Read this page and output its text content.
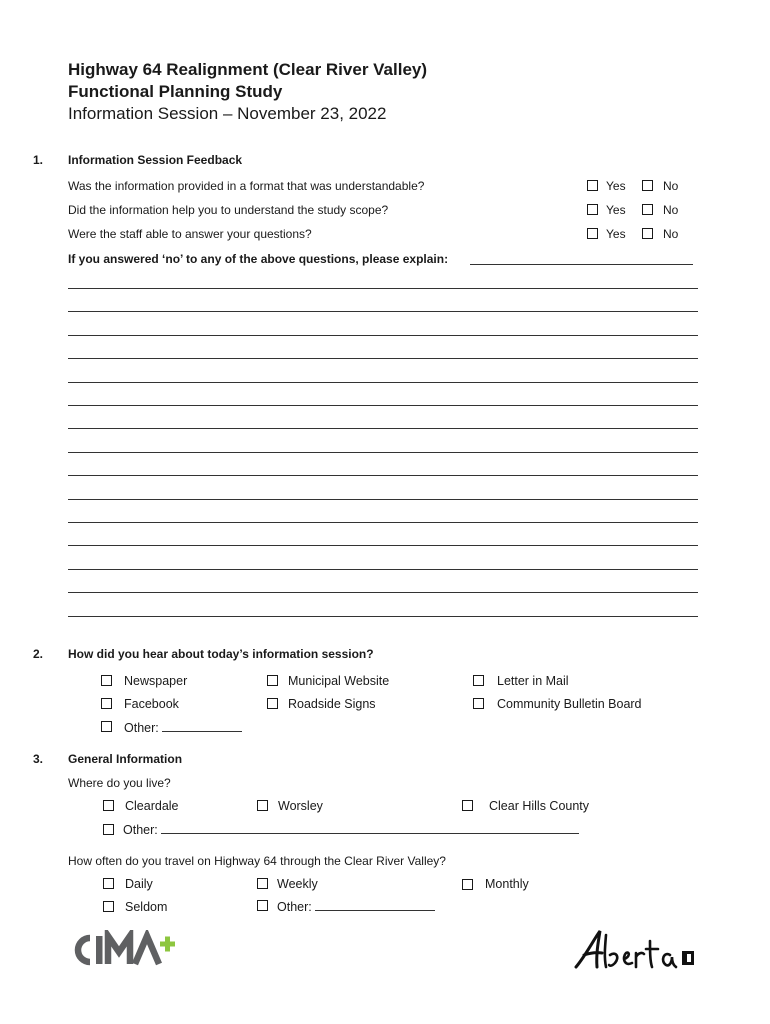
Highway 64 Realignment (Clear River Valley)
Functional Planning Study
Information Session – November 23, 2022
1. Information Session Feedback
Was the information provided in a format that was understandable?	Yes	No
Did the information help you to understand the study scope?	Yes	No
Were the staff able to answer your questions?	Yes	No
If you answered ‘no’ to any of the above questions, please explain:
2. How did you hear about today’s information session?
Newspaper	Municipal Website	Letter in Mail
Facebook	Roadside Signs	Community Bulletin Board
Other:
3. General Information
Where do you live?
Cleardale	Worsley	Clear Hills County
Other:
How often do you travel on Highway 64 through the Clear River Valley?
Daily	Weekly	Monthly
Seldom	Other:
